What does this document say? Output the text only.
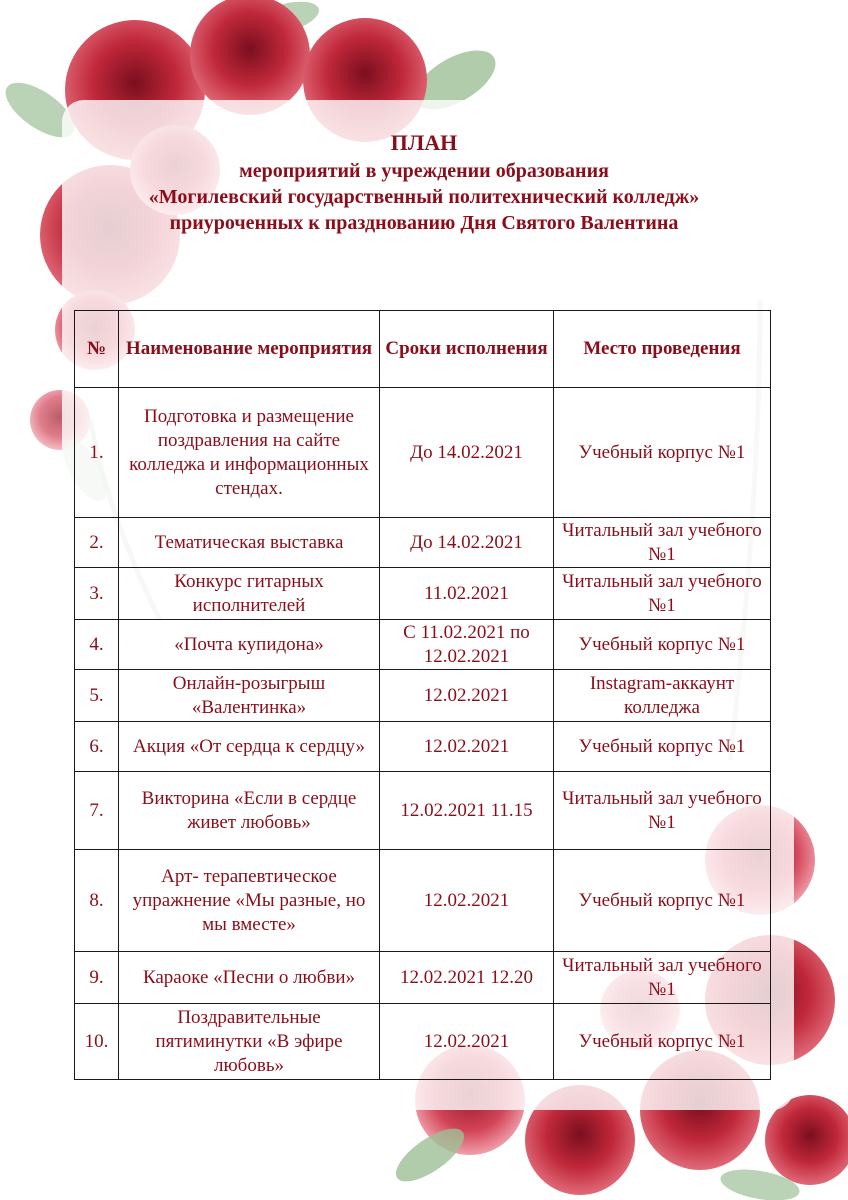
ПЛАН
мероприятий в учреждении образования
«Могилевский государственный политехнический колледж»
приуроченных к празднованию Дня Святого Валентина
№	Наименование мероприятия	Сроки исполнения	Место проведения
1.	Подготовка и размещение поздравления на сайте колледжа и информационных стендах.	До 14.02.2021	Учебный корпус №1
2.	Тематическая выставка	До 14.02.2021	Читальный зал учебного №1
3.	Конкурс гитарных исполнителей	11.02.2021	Читальный зал учебного №1
4.	«Почта купидона»	С 11.02.2021 по 12.02.2021	Учебный корпус №1
5.	Онлайн-розыгрыш «Валентинка»	12.02.2021	Instagram-аккаунт колледжа
6.	Акция «От сердца к сердцу»	12.02.2021	Учебный корпус №1
7.	Викторина «Если в сердце живет любовь»	12.02.2021 11.15	Читальный зал учебного №1
8.	Арт- терапевтическое упражнение «Мы разные, но мы вместе»	12.02.2021	Учебный корпус №1
9.	Караоке «Песни о любви»	12.02.2021 12.20	Читальный зал учебного №1
10.	Поздравительные пятиминутки «В эфире любовь»	12.02.2021	Учебный корпус №1
